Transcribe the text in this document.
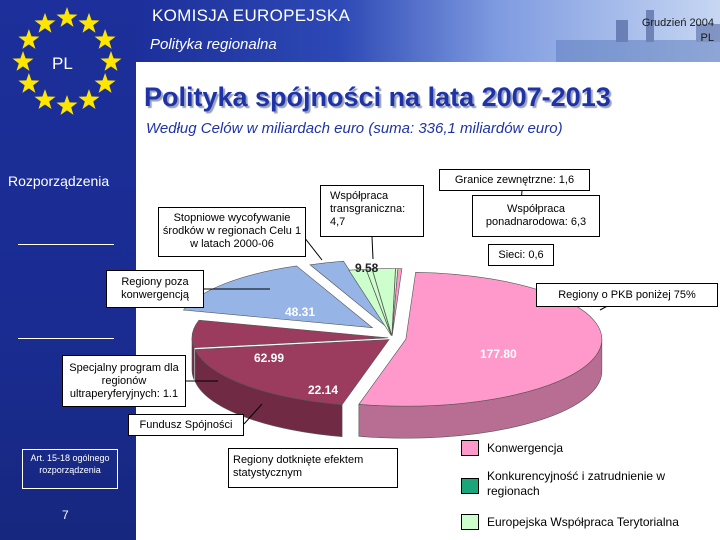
PL
KOMISJA EUROPEJSKA
Polityka regionalna
Grudzień 2004
PL
Polityka spójności na lata 2007-2013
Według Celów w miliardach euro (suma: 336,1 miliardów euro)
Rozporządzenia
177.80
62.99
22.14
48.31
9.58
Granice zewnętrzne: 1,6
Współpraca transgraniczna: 4,7
Stopniowe wycofywanie środków w regionach Celu 1 w latach 2000-06
Współpraca ponadnarodowa: 6,3
Sieci: 0,6
Regiony poza konwergencją	Regiony o PKB poniżej 75%
Specjalny program dla regionów ultraperyferyjnych: 1.1
Fundusz Spójności
Regiony dotknięte efektem statystycznym
Art. 15-18 ogólnego rozporządzenia
7
Konwergencja
Konkurencyjność i zatrudnienie w regionach
Europejska Współpraca Terytorialna
